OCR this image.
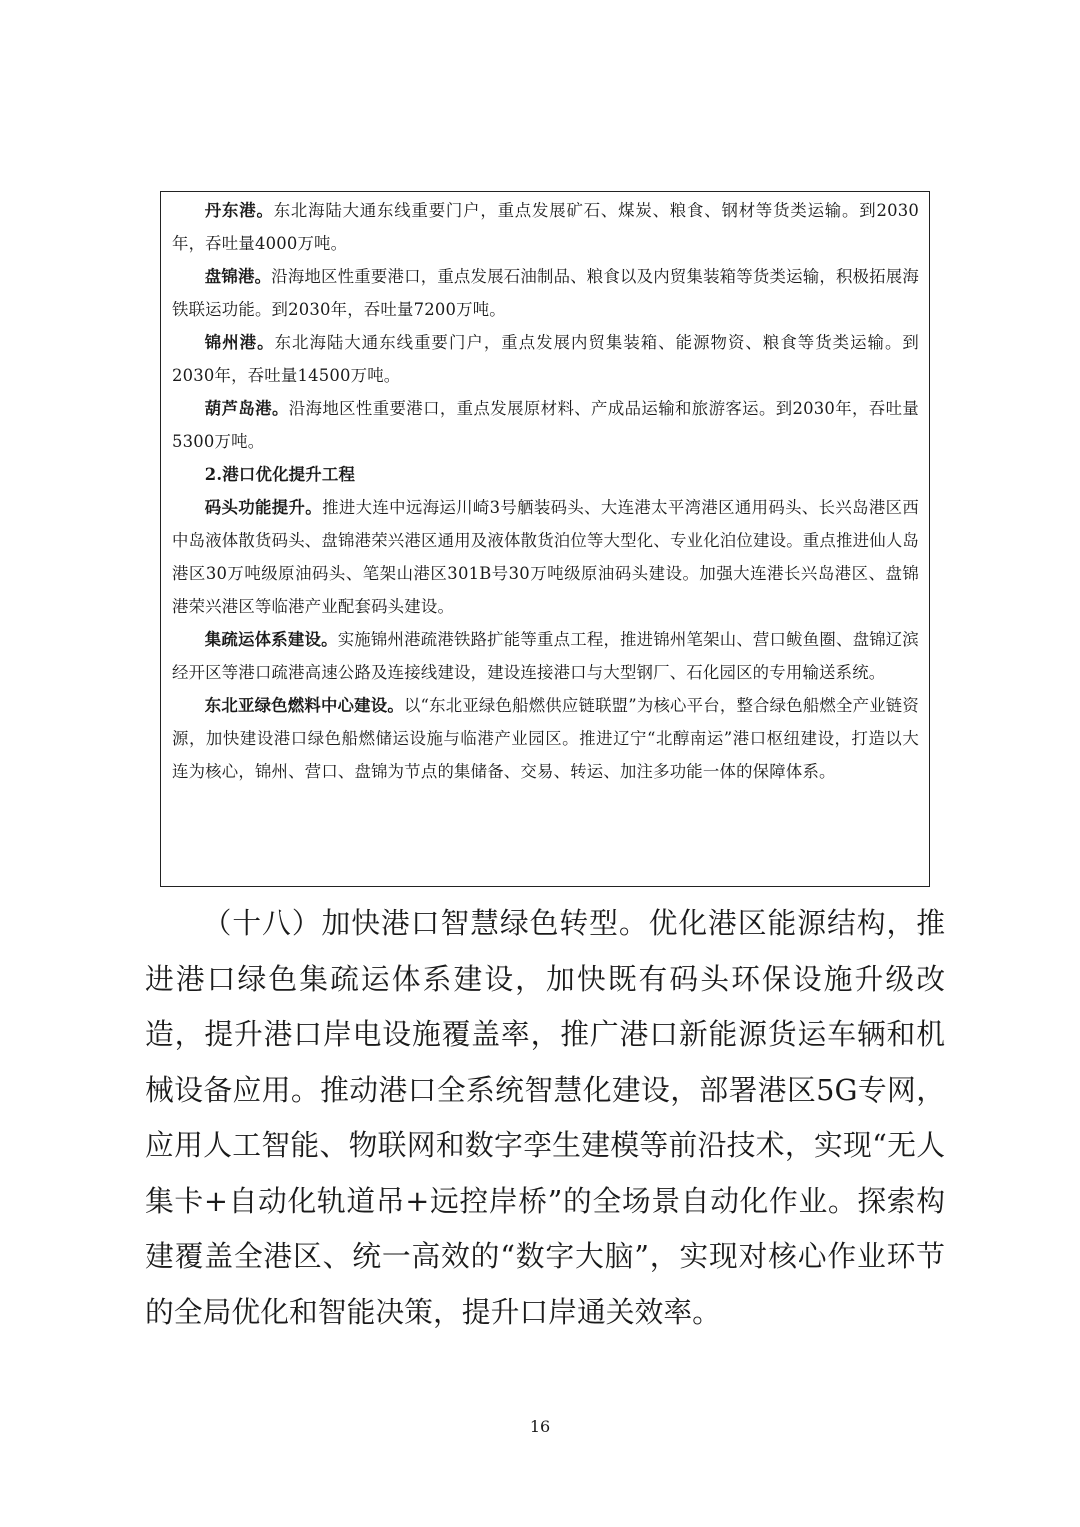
丹东港。东北海陆大通东线重要门户，重点发展矿石、煤炭、粮食、钢材等货类运输。到2030年，吞吐量4000万吨。

盘锦港。沿海地区性重要港口，重点发展石油制品、粮食以及内贸集装箱等货类运输，积极拓展海铁联运功能。到2030年，吞吐量7200万吨。

锦州港。东北海陆大通东线重要门户，重点发展内贸集装箱、能源物资、粮食等货类运输。到2030年，吞吐量14500万吨。

葫芦岛港。沿海地区性重要港口，重点发展原材料、产成品运输和旅游客运。到2030年，吞吐量5300万吨。

2.港口优化提升工程

码头功能提升。推进大连中远海运川崎3号舾装码头、大连港太平湾港区通用码头、长兴岛港区西中岛液体散货码头、盘锦港荣兴港区通用及液体散货泊位等大型化、专业化泊位建设。重点推进仙人岛港区30万吨级原油码头、笔架山港区301B号30万吨级原油码头建设。加强大连港长兴岛港区、盘锦港荣兴港区等临港产业配套码头建设。

集疏运体系建设。实施锦州港疏港铁路扩能等重点工程，推进锦州笔架山、营口鲅鱼圈、盘锦辽滨经开区等港口疏港高速公路及连接线建设，建设连接港口与大型钢厂、石化园区的专用输送系统。

东北亚绿色燃料中心建设。以“东北亚绿色船燃供应链联盟”为核心平台，整合绿色船燃全产业链资源，加快建设港口绿色船燃储运设施与临港产业园区。推进辽宁“北醇南运”港口枢纽建设，打造以大连为核心，锦州、营口、盘锦为节点的集储备、交易、转运、加注多功能一体的保障体系。

（十八）加快港口智慧绿色转型。优化港区能源结构，推进港口绿色集疏运体系建设，加快既有码头环保设施升级改造，提升港口岸电设施覆盖率，推广港口新能源货运车辆和机械设备应用。推动港口全系统智慧化建设，部署港区5G专网，应用人工智能、物联网和数字孪生建模等前沿技术，实现“无人集卡+自动化轨道吊+远控岸桥”的全场景自动化作业。探索构建覆盖全港区、统一高效的“数字大脑”，实现对核心作业环节的全局优化和智能决策，提升口岸通关效率。

16
